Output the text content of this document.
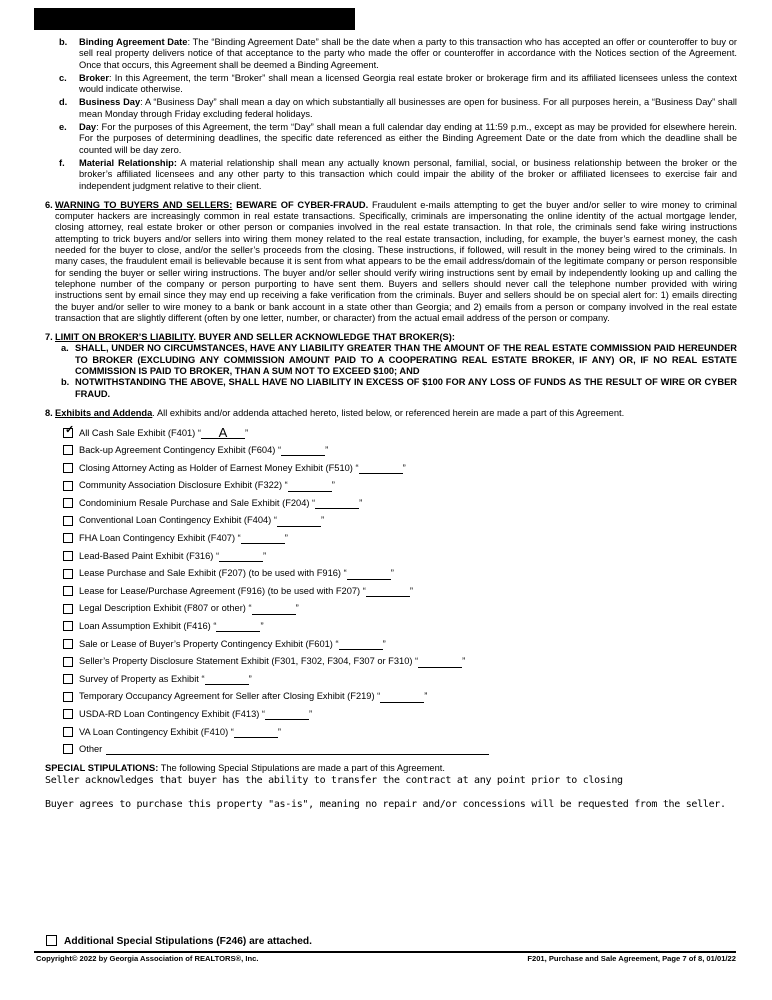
b. Binding Agreement Date: The “Binding Agreement Date” shall be the date when a party to this transaction who has accepted an offer or counteroffer to buy or sell real property delivers notice of that acceptance to the party who made the offer or counteroffer in accordance with the Notices section of the Agreement. Once that occurs, this Agreement shall be deemed a Binding Agreement.
c. Broker: In this Agreement, the term “Broker” shall mean a licensed Georgia real estate broker or brokerage firm and its affiliated licensees unless the context would indicate otherwise.
d. Business Day: A “Business Day” shall mean a day on which substantially all businesses are open for business. For all purposes herein, a “Business Day” shall mean Monday through Friday excluding federal holidays.
e. Day: For the purposes of this Agreement, the term “Day” shall mean a full calendar day ending at 11:59 p.m., except as may be provided for elsewhere herein. For the purposes of determining deadlines, the specific date referenced as either the Binding Agreement Date or the date from which the deadline shall be counted will be day zero.
f. Material Relationship: A material relationship shall mean any actually known personal, familial, social, or business relationship between the broker or the broker’s affiliated licensees and any other party to this transaction which could impair the ability of the broker or affiliated licensees to exercise fair and independent judgment relative to their client.
6. WARNING TO BUYERS AND SELLERS: BEWARE OF CYBER-FRAUD. Fraudulent e-mails attempting to get the buyer and/or seller to wire money to criminal computer hackers are increasingly common in real estate transactions. Specifically, criminals are impersonating the online identity of the actual mortgage lender, closing attorney, real estate broker or other person or companies involved in the real estate transaction. In that role, the criminals send fake wiring instructions attempting to trick buyers and/or sellers into wiring them money related to the real estate transaction, including, for example, the buyer’s earnest money, the cash needed for the buyer to close, and/or the seller’s proceeds from the closing. These instructions, if followed, will result in the money being wired to the criminals. In many cases, the fraudulent email is believable because it is sent from what appears to be the email address/domain of the legitimate company or person responsible for sending the buyer or seller wiring instructions. The buyer and/or seller should verify wiring instructions sent by email by independently looking up and calling the telephone number of the company or person purporting to have sent them. Buyers and sellers should never call the telephone number provided with wiring instructions sent by email since they may end up receiving a fake verification from the criminals. Buyer and sellers should be on special alert for: 1) emails directing the buyer and/or seller to wire money to a bank or bank account in a state other than Georgia; and 2) emails from a person or company involved in the real estate transaction that are slightly different (often by one letter, number, or character) from the actual email address of the person or company.
7. LIMIT ON BROKER’S LIABILITY. BUYER AND SELLER ACKNOWLEDGE THAT BROKER(S):
a. SHALL, UNDER NO CIRCUMSTANCES, HAVE ANY LIABILITY GREATER THAN THE AMOUNT OF THE REAL ESTATE COMMISSION PAID HEREUNDER TO BROKER (EXCLUDING ANY COMMISSION AMOUNT PAID TO A COOPERATING REAL ESTATE BROKER, IF ANY) OR, IF NO REAL ESTATE COMMISSION IS PAID TO BROKER, THAN A SUM NOT TO EXCEED $100; AND
b. NOTWITHSTANDING THE ABOVE, SHALL HAVE NO LIABILITY IN EXCESS OF $100 FOR ANY LOSS OF FUNDS AS THE RESULT OF WIRE OR CYBER FRAUD.
8. Exhibits and Addenda. All exhibits and/or addenda attached hereto, listed below, or referenced herein are made a part of this Agreement.
✓ All Cash Sale Exhibit (F401) “	A	”
Back-up Agreement Contingency Exhibit (F604) “	”
Closing Attorney Acting as Holder of Earnest Money Exhibit (F510) “	”
Community Association Disclosure Exhibit (F322) “	”
Condominium Resale Purchase and Sale Exhibit (F204) “	”
Conventional Loan Contingency Exhibit (F404) “	”
FHA Loan Contingency Exhibit (F407) “	”
Lead-Based Paint Exhibit (F316) “	”
Lease Purchase and Sale Exhibit (F207) (to be used with F916) “	”
Lease for Lease/Purchase Agreement (F916) (to be used with F207) “	”
Legal Description Exhibit (F807 or other) “	”
Loan Assumption Exhibit (F416) “	”
Sale or Lease of Buyer’s Property Contingency Exhibit (F601) “	”
Seller’s Property Disclosure Statement Exhibit (F301, F302, F304, F307 or F310) “	”
Survey of Property as Exhibit “	”
Temporary Occupancy Agreement for Seller after Closing Exhibit (F219) “	”
USDA-RD Loan Contingency Exhibit (F413) “	”
VA Loan Contingency Exhibit (F410) “	”
Other
SPECIAL STIPULATIONS: The following Special Stipulations are made a part of this Agreement.
Seller acknowledges that buyer has the ability to transfer the contract at any point prior to closing
Buyer agrees to purchase this property "as-is", meaning no repair and/or concessions will be requested from the seller.
Additional Special Stipulations (F246) are attached.
Copyright© 2022 by Georgia Association of REALTORS®, Inc.	F201, Purchase and Sale Agreement, Page 7 of 8, 01/01/22
